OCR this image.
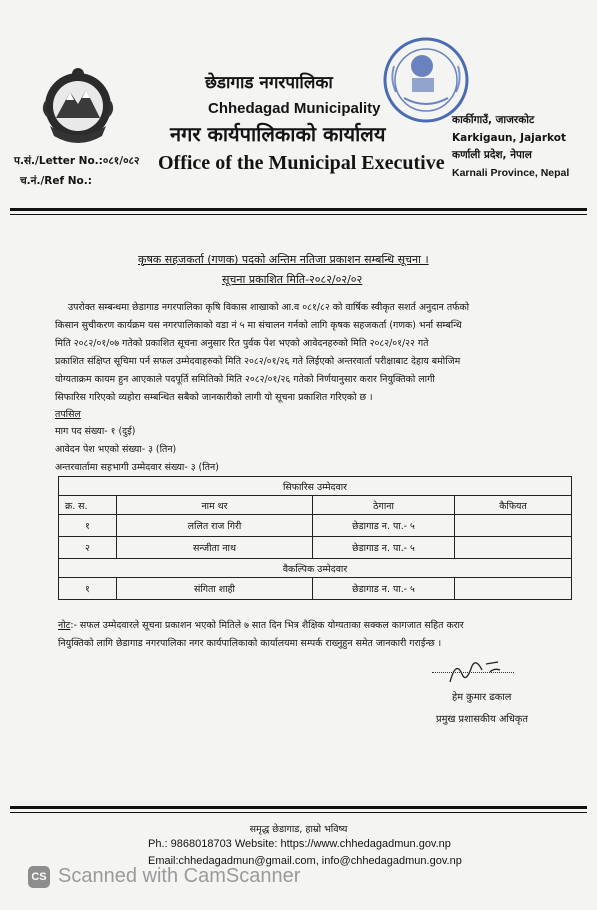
छेडागाड नगरपालिका
Chhedagad Municipality
नगर कार्यपालिकाको कार्यालय
Office of the Municipal Executive
प.सं./Letter No.:०८१/०८२
च.नं./Ref No.:
कार्कीगाउँ, जाजरकोट
Karkigaun, Jajarkot
कर्णाली प्रदेश, नेपाल
Karnali Province, Nepal
कृषक सहजकर्ता (गणक) पदको अन्तिम नतिजा प्रकाशन सम्बन्धि सूचना ।
सूचना प्रकाशित मिति-२०८२/०२/०२
उपरोक्त सम्बन्धमा छेडागाड नगरपालिका कृषि विकास शाखाको आ.व ०८१/८२ को वार्षिक स्वीकृत सशर्त अनुदान तर्फको
किसान सुचीकरण कार्यक्रम यस नगरपालिकाको वडा नं ५ मा संचालन गर्नको लागि कृषक सहजकर्ता (गणक) भर्ना सम्बन्धि
मिति २०८२/०१/०७ गतेको प्रकाशित सूचना अनुसार रित पुर्वक पेश भएको आवेदनहरुको मिति २०८२/०१/२२ गते
प्रकाशित संक्षिप्त सूचिमा पर्न सफल उम्मेदवाहरुको मिति २०८२/०१/२६ गते लिईएको अन्तरवार्ता परीक्षाबाट देहाय बमोजिम
योग्यताक्रम कायम हुन आएकाले पदपूर्ति समितिको मिति २०८२/०१/२६ गतेको निर्णयानुसार करार नियुक्तिको लागी
सिफारिस गरिएको व्यहोरा सम्बन्धित सबैको जानकारीको लागी यो सूचना प्रकाशित गरिएको छ ।
तपसिल
माग पद संख्या- १ (दुई)
आवेदन पेश भएको संख्या- ३ (तिन)
अन्तरवार्तामा सहभागी उम्मेदवार संख्या- ३ (तिन)
सिफारिस उम्मेदवार			
क्र. स.	नाम थर	ठेगाना	कैफियत
१	ललित राज गिरी	छेडागाड न. पा.- ५	
२	सन्जीता नाथ	छेडागाड न. पा.- ५	
वैकल्पिक उम्मेदवार			
१	संगिता शाही	छेडागाड न. पा.- ५	
नोट:- सफल उम्मेदवारले सूचना प्रकाशन भएको मितिले ७ सात दिन भित्र शैक्षिक योग्यताका सक्कल कागजात सहित करार
नियुक्तिको लागि छेडागाड नगरपालिका नगर कार्यपालिकाको कार्यालयमा सम्पर्क राख्नुहुन समेत जानकारी गराईन्छ ।
हेम कुमार ढकाल
प्रमुख प्रशासकीय अधिकृत
समृद्ध छेडागाड, हाम्रो भविष्य
Ph.: 9868018703 Website: https://www.chhedagadmun.gov.np
Email:chhedagadmun@gmail.com, info@chhedagadmun.gov.np
CS Scanned with CamScanner
